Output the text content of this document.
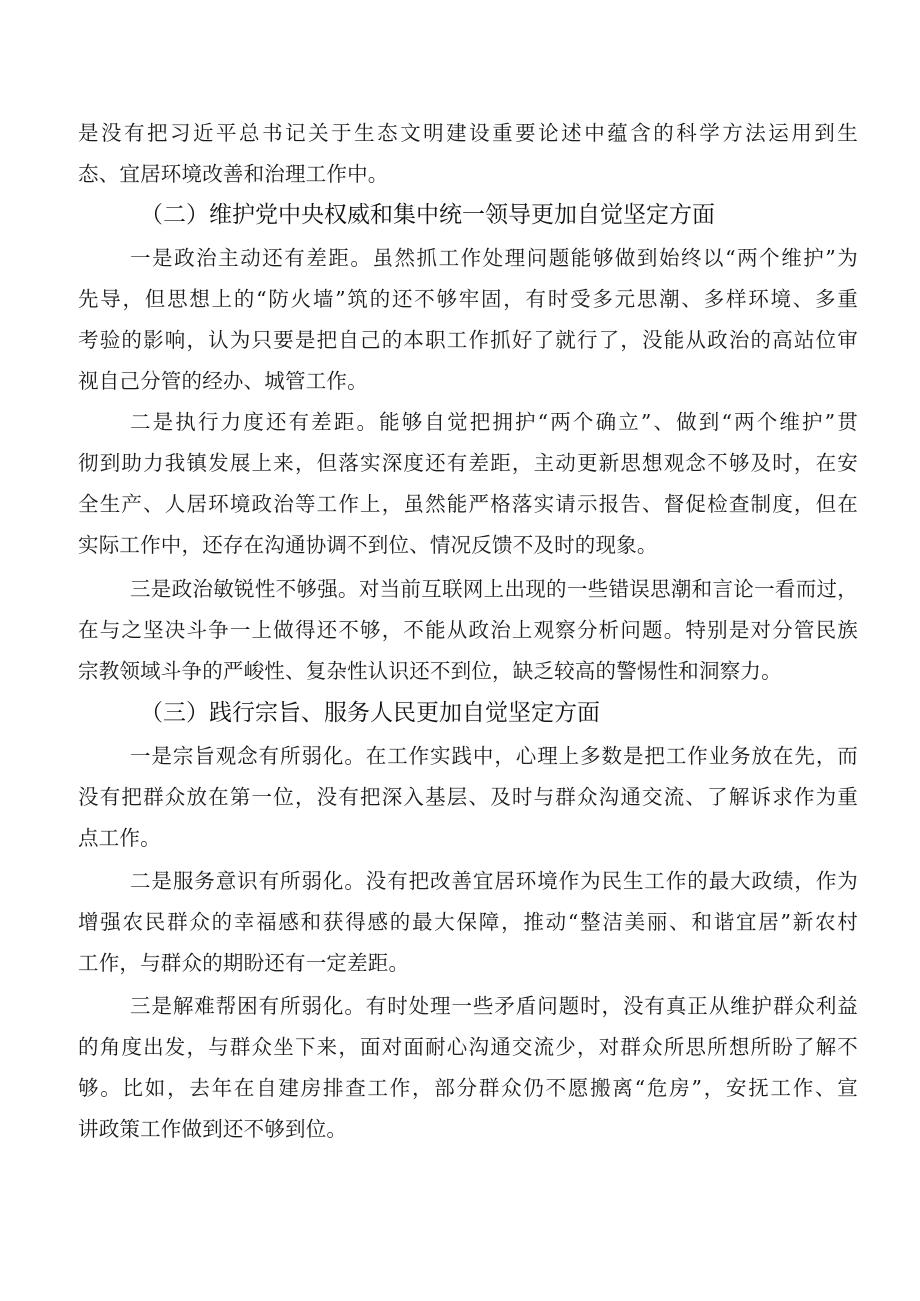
是没有把习近平总书记关于生态文明建设重要论述中蕴含的科学方法运用到生
态、宜居环境改善和治理工作中。
（二）维护党中央权威和集中统一领导更加自觉坚定方面
一是政治主动还有差距。虽然抓工作处理问题能够做到始终以“两个维护”为
先导，但思想上的“防火墙”筑的还不够牢固，有时受多元思潮、多样环境、多重
考验的影响，认为只要是把自己的本职工作抓好了就行了，没能从政治的高站位审
视自己分管的经办、城管工作。
二是执行力度还有差距。能够自觉把拥护“两个确立”、做到“两个维护”贯
彻到助力我镇发展上来，但落实深度还有差距，主动更新思想观念不够及时，在安
全生产、人居环境政治等工作上，虽然能严格落实请示报告、督促检查制度，但在
实际工作中，还存在沟通协调不到位、情况反馈不及时的现象。
三是政治敏锐性不够强。对当前互联网上出现的一些错误思潮和言论一看而过，
在与之坚决斗争一上做得还不够，不能从政治上观察分析问题。特别是对分管民族
宗教领域斗争的严峻性、复杂性认识还不到位，缺乏较高的警惕性和洞察力。
（三）践行宗旨、服务人民更加自觉坚定方面
一是宗旨观念有所弱化。在工作实践中，心理上多数是把工作业务放在先，而
没有把群众放在第一位，没有把深入基层、及时与群众沟通交流、了解诉求作为重
点工作。
二是服务意识有所弱化。没有把改善宜居环境作为民生工作的最大政绩，作为
增强农民群众的幸福感和获得感的最大保障，推动“整洁美丽、和谐宜居”新农村
工作，与群众的期盼还有一定差距。
三是解难帮困有所弱化。有时处理一些矛盾问题时，没有真正从维护群众利益
的角度出发，与群众坐下来，面对面耐心沟通交流少，对群众所思所想所盼了解不
够。比如，去年在自建房排查工作，部分群众仍不愿搬离“危房”，安抚工作、宣
讲政策工作做到还不够到位。
